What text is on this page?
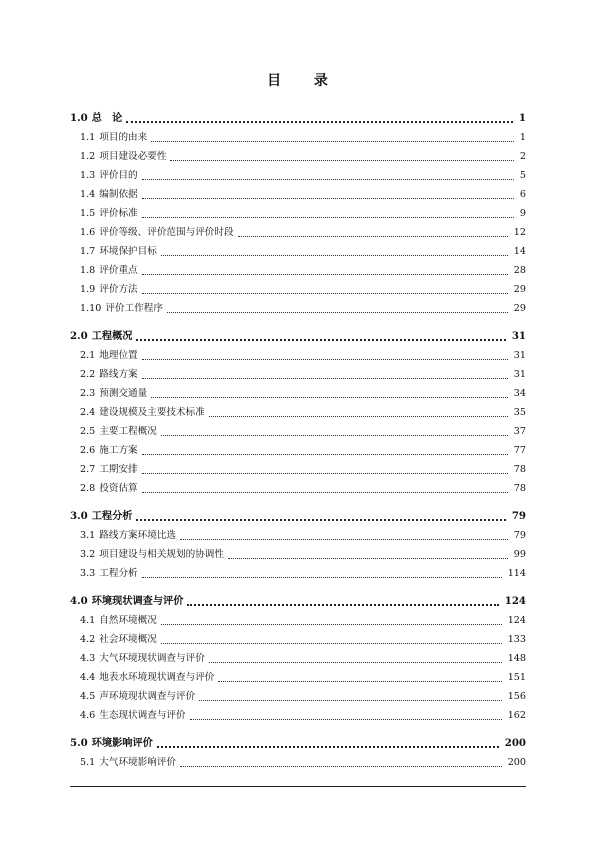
目 录
1.0 总　论	1
1.1 项目的由来	1
1.2 项目建设必要性	2
1.3 评价目的	5
1.4 编制依据	6
1.5 评价标准	9
1.6 评价等级、评价范围与评价时段	12
1.7 环境保护目标	14
1.8 评价重点	28
1.9 评价方法	29
1.10 评价工作程序	29
2.0 工程概况	31
2.1 地理位置	31
2.2 路线方案	31
2.3 预测交通量	34
2.4 建设规模及主要技术标准	35
2.5 主要工程概况	37
2.6 施工方案	77
2.7 工期安排	78
2.8 投资估算	78
3.0 工程分析	79
3.1 路线方案环境比选	79
3.2 项目建设与相关规划的协调性	99
3.3 工程分析	114
4.0 环境现状调查与评价	124
4.1 自然环境概况	124
4.2 社会环境概况	133
4.3 大气环境现状调查与评价	148
4.4 地表水环境现状调查与评价	151
4.5 声环境现状调查与评价	156
4.6 生态现状调查与评价	162
5.0 环境影响评价	200
5.1 大气环境影响评价	200
